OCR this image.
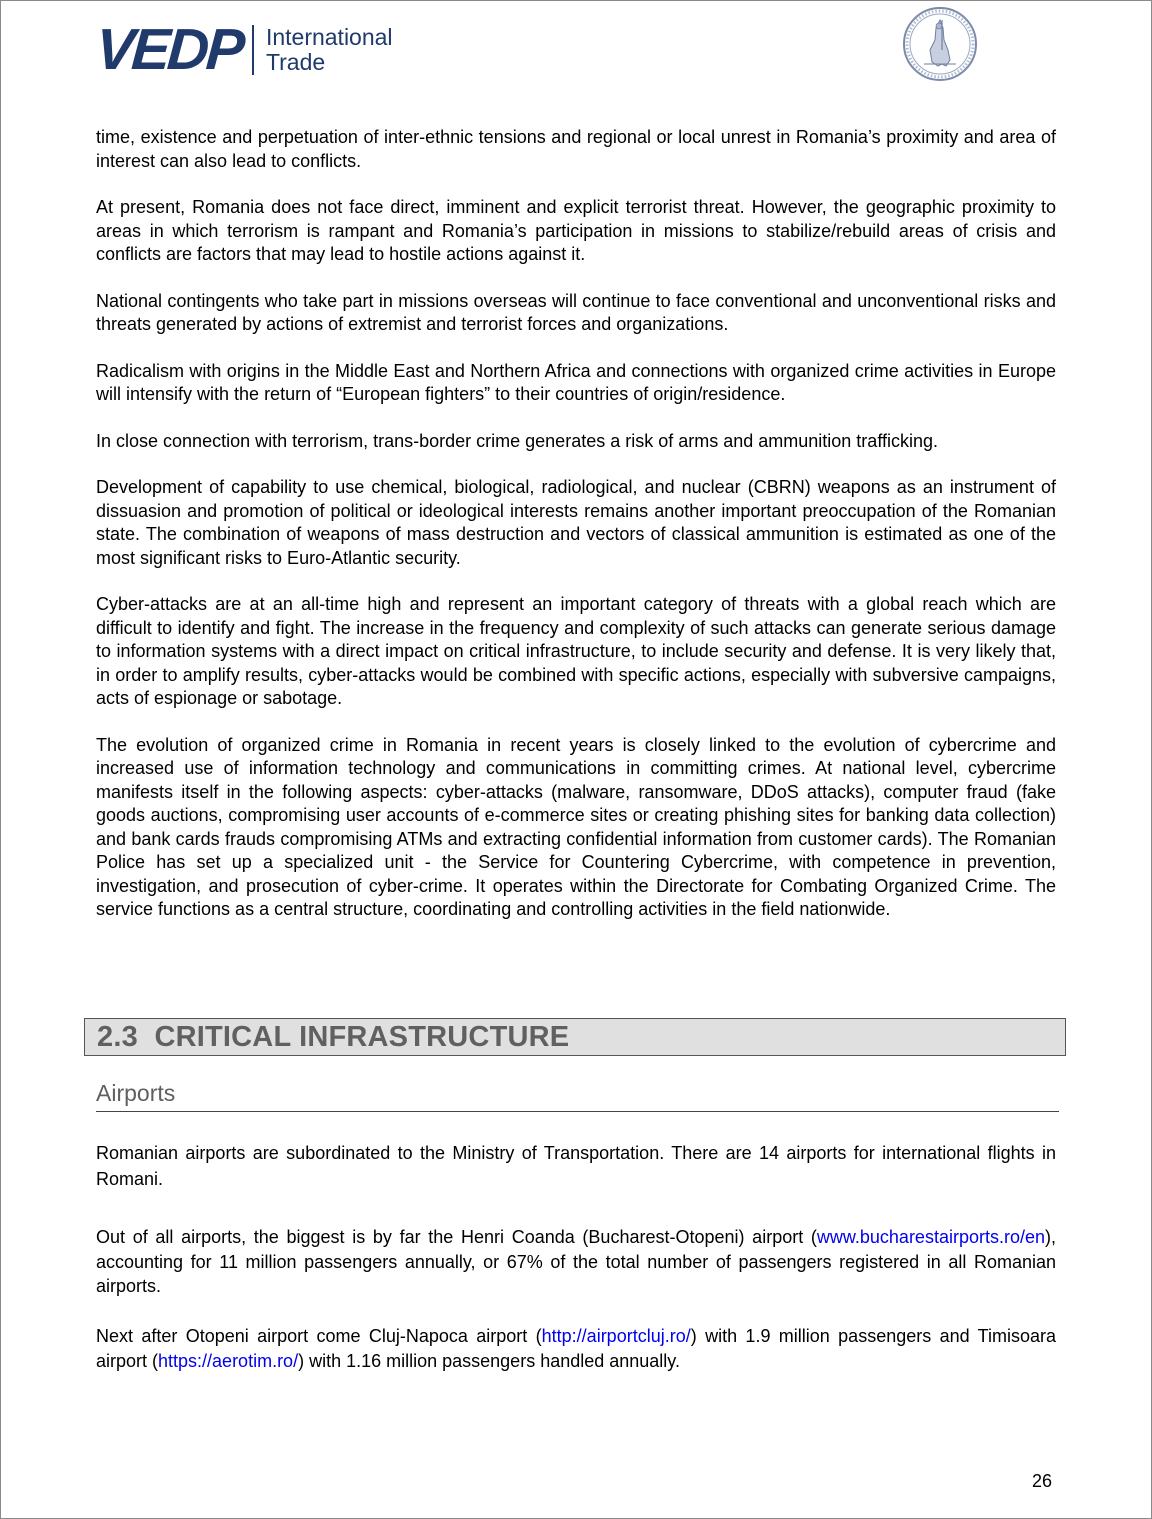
VEDP International
Trade

time, existence and perpetuation of inter-ethnic tensions and regional or local unrest in Romania’s proximity and area of interest can also lead to conflicts.

At present, Romania does not face direct, imminent and explicit terrorist threat. However, the geographic proximity to areas in which terrorism is rampant and Romania’s participation in missions to stabilize/rebuild areas of crisis and conflicts are factors that may lead to hostile actions against it.

National contingents who take part in missions overseas will continue to face conventional and unconventional risks and threats generated by actions of extremist and terrorist forces and organizations.

Radicalism with origins in the Middle East and Northern Africa and connections with organized crime activities in Europe will intensify with the return of “European fighters” to their countries of origin/residence.

In close connection with terrorism, trans-border crime generates a risk of arms and ammunition trafficking.

Development of capability to use chemical, biological, radiological, and nuclear (CBRN) weapons as an instrument of dissuasion and promotion of political or ideological interests remains another important preoccupation of the Romanian state. The combination of weapons of mass destruction and vectors of classical ammunition is estimated as one of the most significant risks to Euro-Atlantic security.

Cyber-attacks are at an all-time high and represent an important category of threats with a global reach which are difficult to identify and fight. The increase in the frequency and complexity of such attacks can generate serious damage to information systems with a direct impact on critical infrastructure, to include security and defense. It is very likely that, in order to amplify results, cyber-attacks would be combined with specific actions, especially with subversive campaigns, acts of espionage or sabotage.

The evolution of organized crime in Romania in recent years is closely linked to the evolution of cybercrime and increased use of information technology and communications in committing crimes. At national level, cybercrime manifests itself in the following aspects: cyber-attacks (malware, ransomware, DDoS attacks), computer fraud (fake goods auctions, compromising user accounts of e-commerce sites or creating phishing sites for banking data collection) and bank cards frauds compromising ATMs and extracting confidential information from customer cards). The Romanian Police has set up a specialized unit - the Service for Countering Cybercrime, with competence in prevention, investigation, and prosecution of cyber-crime. It operates within the Directorate for Combating Organized Crime. The service functions as a central structure, coordinating and controlling activities in the field nationwide.

2.3 CRITICAL INFRASTRUCTURE
Airports

Romanian airports are subordinated to the Ministry of Transportation. There are 14 airports for international flights in Romani.

Out of all airports, the biggest is by far the Henri Coanda (Bucharest-Otopeni) airport (www.bucharestairports.ro/en), accounting for 11 million passengers annually, or 67% of the total number of passengers registered in all Romanian airports.

Next after Otopeni airport come Cluj-Napoca airport (http://airportcluj.ro/) with 1.9 million passengers and Timisoara airport (https://aerotim.ro/) with 1.16 million passengers handled annually.

26
